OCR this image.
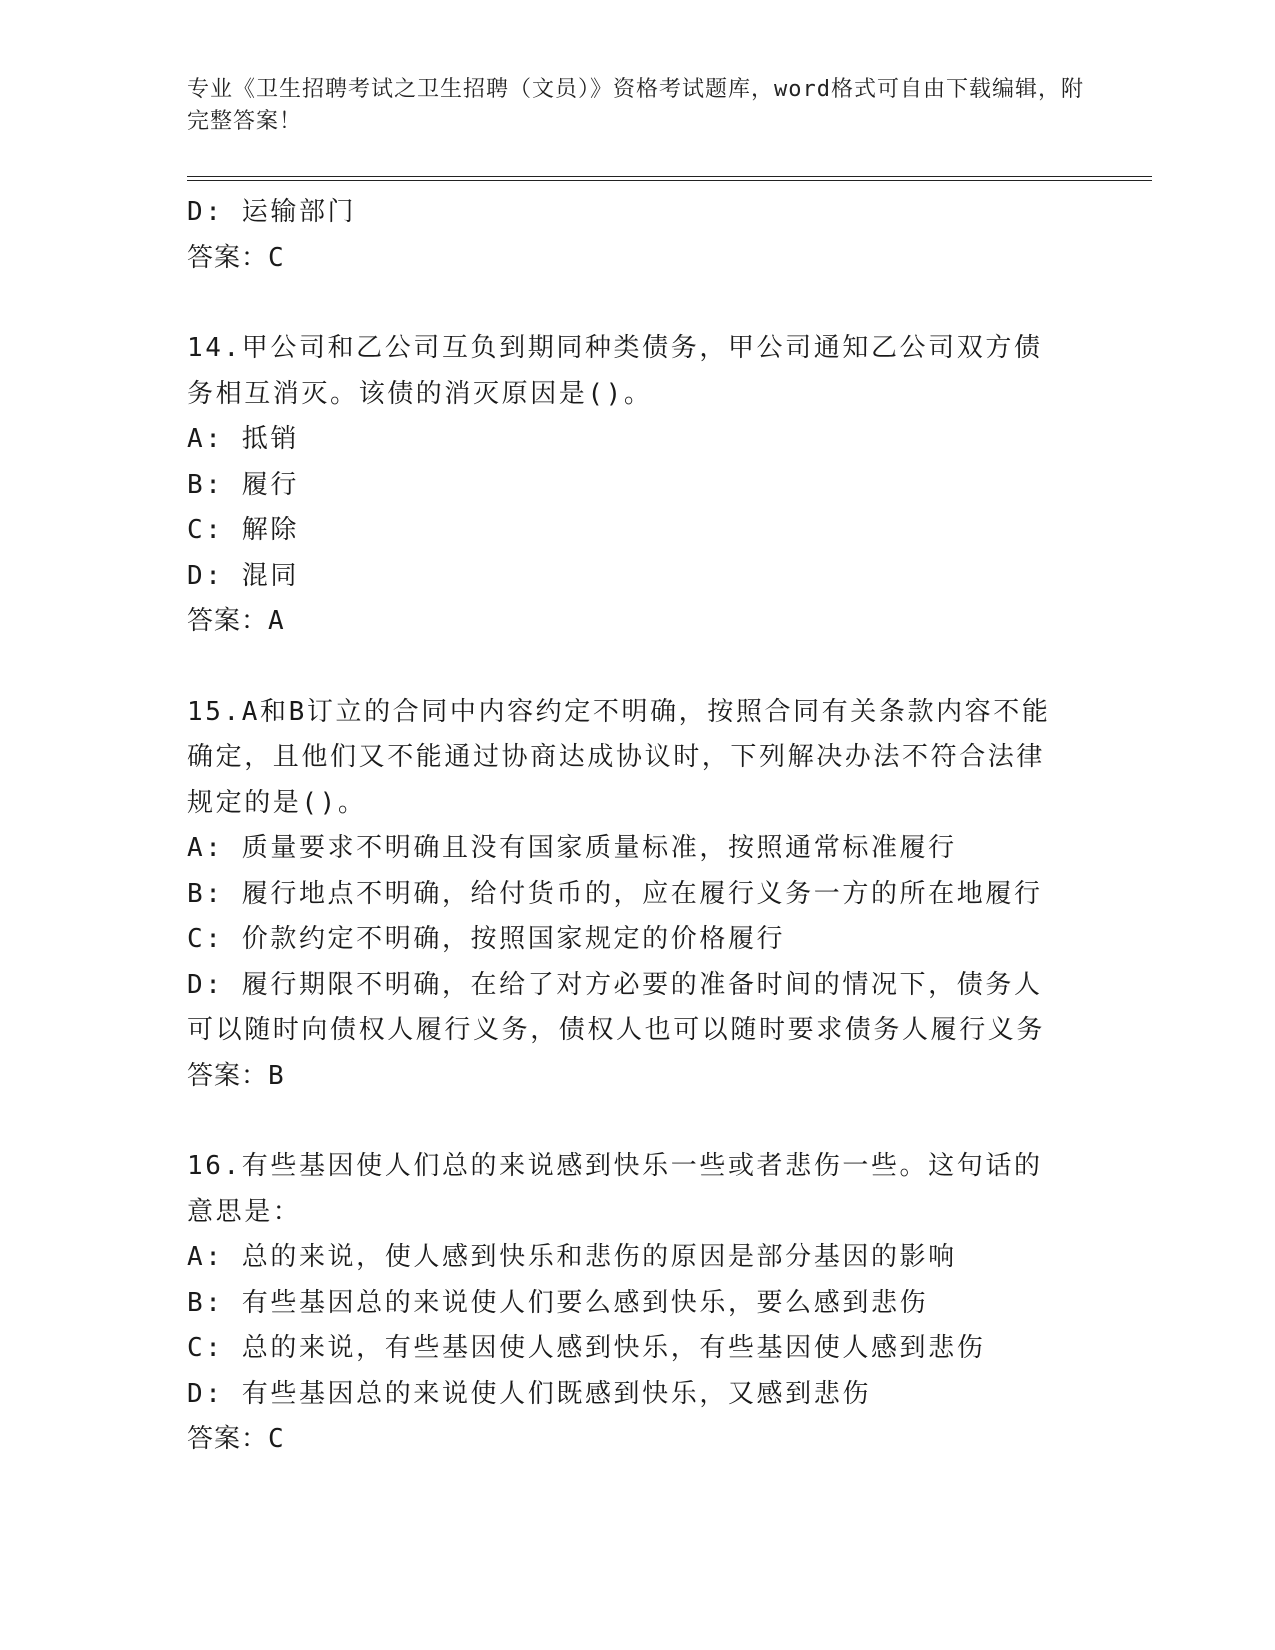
专业《卫生招聘考试之卫生招聘（文员）》资格考试题库，word格式可自由下载编辑，附完整答案！
D: 运输部门
答案：C
14.甲公司和乙公司互负到期同种类债务，甲公司通知乙公司双方债务相互消灭。该债的消灭原因是()。
A: 抵销
B: 履行
C: 解除
D: 混同
答案：A
15.A和B订立的合同中内容约定不明确，按照合同有关条款内容不能确定，且他们又不能通过协商达成协议时，下列解决办法不符合法律规定的是()。
A: 质量要求不明确且没有国家质量标准，按照通常标准履行
B: 履行地点不明确，给付货币的，应在履行义务一方的所在地履行
C: 价款约定不明确，按照国家规定的价格履行
D: 履行期限不明确，在给了对方必要的准备时间的情况下，债务人可以随时向债权人履行义务，债权人也可以随时要求债务人履行义务
答案：B
16.有些基因使人们总的来说感到快乐一些或者悲伤一些。这句话的意思是：
A: 总的来说，使人感到快乐和悲伤的原因是部分基因的影响
B: 有些基因总的来说使人们要么感到快乐，要么感到悲伤
C: 总的来说，有些基因使人感到快乐，有些基因使人感到悲伤
D: 有些基因总的来说使人们既感到快乐，又感到悲伤
答案：C
